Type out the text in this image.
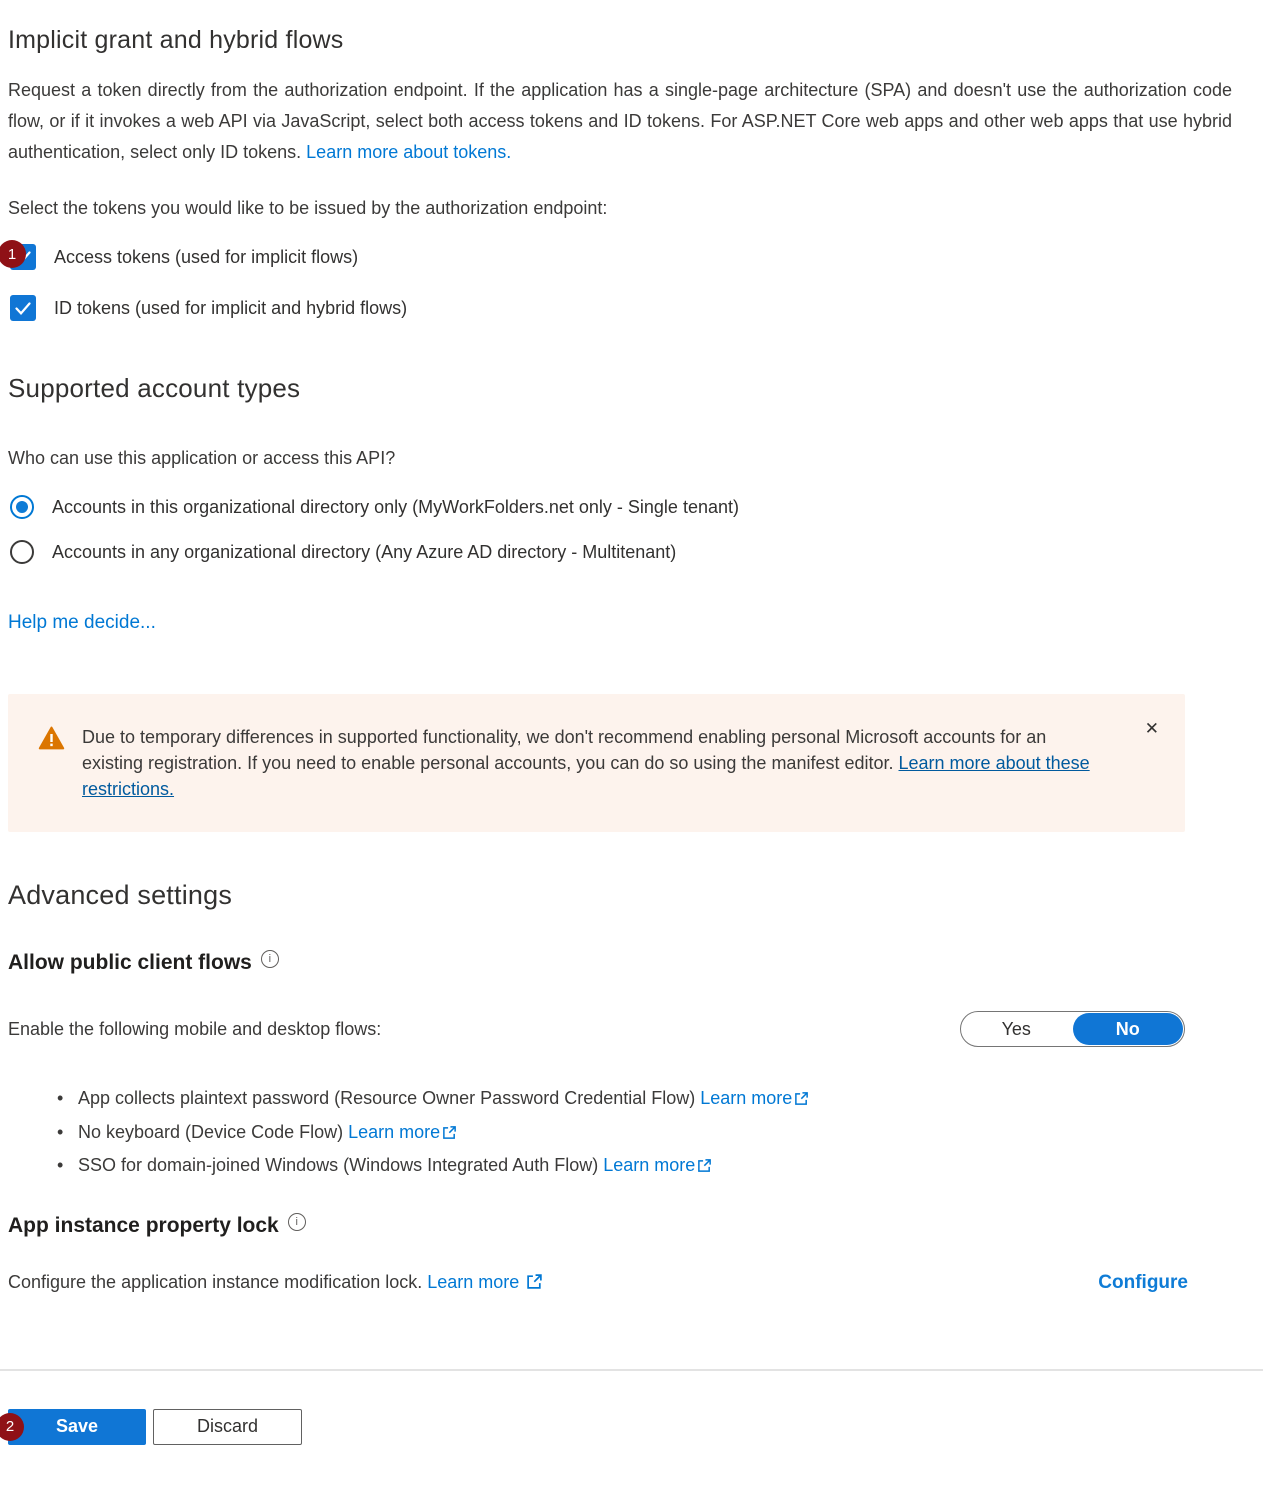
Implicit grant and hybrid flows

Request a token directly from the authorization endpoint. If the application has a single-page architecture (SPA) and doesn't use the authorization code flow, or if it invokes a web API via JavaScript, select both access tokens and ID tokens. For ASP.NET Core web apps and other web apps that use hybrid authentication, select only ID tokens. Learn more about tokens.

Select the tokens you would like to be issued by the authorization endpoint:
1	Access tokens (used for implicit flows)
ID tokens (used for implicit and hybrid flows)
Supported account types
Who can use this application or access this API?
Accounts in this organizational directory only (MyWorkFolders.net only - Single tenant)
Accounts in any organizational directory (Any Azure AD directory - Multitenant)
Help me decide...
Due to temporary differences in supported functionality, we don't recommend enabling personal Microsoft accounts for an existing registration. If you need to enable personal accounts, you can do so using the manifest editor. Learn more about these restrictions.
✕
Advanced settings
Allow public client flows	i
Enable the following mobile and desktop flows:	Yes	No
• App collects plaintext password (Resource Owner Password Credential Flow) Learn more
• No keyboard (Device Code Flow) Learn more
• SSO for domain-joined Windows (Windows Integrated Auth Flow) Learn more
App instance property lock	i
Configure the application instance modification lock. Learn more	Configure
2	Save	Discard
